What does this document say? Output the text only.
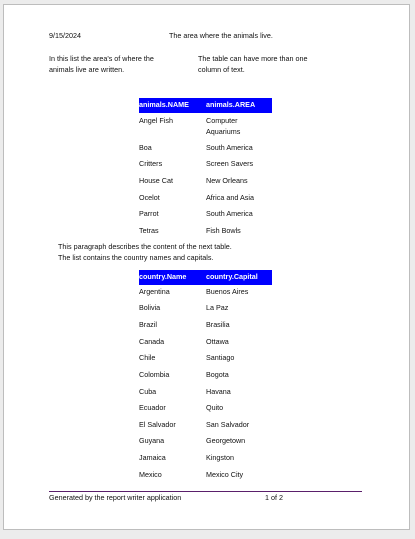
9/15/2024	The area where the animals live.
In this list the area's of where the animals live are written.
The table can have more than one column of text.
animals.NAME animals.AREA
Angel Fish	Computer Aquariums
Boa	South America
Critters	Screen Savers
House Cat	New Orleans
Ocelot	Africa and Asia
Parrot	South America
Tetras	Fish Bowls
This paragraph describes the content of the next table.
The list contains the country names and capitals.
country.Name	country.Capital
Argentina	Buenos Aires
Bolivia	La Paz
Brazil	Brasilia
Canada	Ottawa
Chile	Santiago
Colombia	Bogota
Cuba	Havana
Ecuador	Quito
El Salvador	San Salvador
Guyana	Georgetown
Jamaica	Kingston
Mexico	Mexico City
Generated by the report writer application	1 of 2
